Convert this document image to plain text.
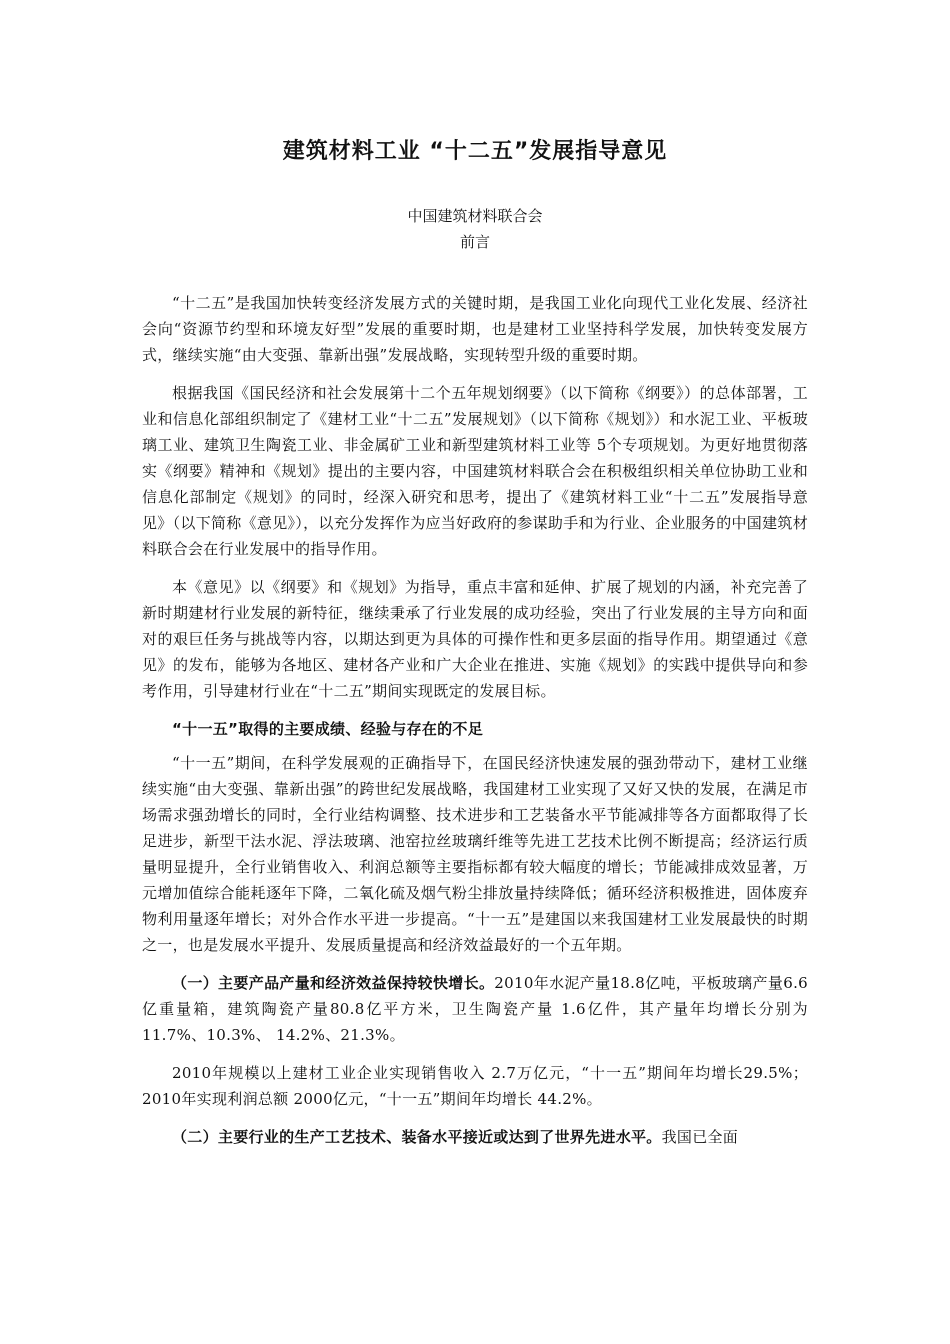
建筑材料工业 “十二五”发展指导意见
中国建筑材料联合会
前言

“十二五”是我国加快转变经济发展方式的关键时期，是我国工业化向现代工业化发展、经济社会向“资源节约型和环境友好型”发展的重要时期，也是建材工业坚持科学发展，加快转变发展方式，继续实施“由大变强、靠新出强”发展战略，实现转型升级的重要时期。

根据我国《国民经济和社会发展第十二个五年规划纲要》（以下简称《纲要》）的总体部署，工业和信息化部组织制定了《建材工业“十二五”发展规划》（以下简称《规划》）和水泥工业、平板玻璃工业、建筑卫生陶瓷工业、非金属矿工业和新型建筑材料工业等 5个专项规划。为更好地贯彻落实《纲要》精神和《规划》提出的主要内容，中国建筑材料联合会在积极组织相关单位协助工业和信息化部制定《规划》的同时，经深入研究和思考，提出了《建筑材料工业“十二五”发展指导意见》（以下简称《意见》），以充分发挥作为应当好政府的参谋助手和为行业、企业服务的中国建筑材料联合会在行业发展中的指导作用。

本《意见》以《纲要》和《规划》为指导，重点丰富和延伸、扩展了规划的内涵，补充完善了新时期建材行业发展的新特征，继续秉承了行业发展的成功经验，突出了行业发展的主导方向和面对的艰巨任务与挑战等内容，以期达到更为具体的可操作性和更多层面的指导作用。期望通过《意见》的发布，能够为各地区、建材各产业和广大企业在推进、实施《规划》的实践中提供导向和参考作用，引导建材行业在“十二五”期间实现既定的发展目标。

“十一五”取得的主要成绩、经验与存在的不足

“十一五”期间，在科学发展观的正确指导下，在国民经济快速发展的强劲带动下，建材工业继续实施“由大变强、靠新出强”的跨世纪发展战略，我国建材工业实现了又好又快的发展，在满足市场需求强劲增长的同时，全行业结构调整、技术进步和工艺装备水平节能减排等各方面都取得了长足进步，新型干法水泥、浮法玻璃、池窑拉丝玻璃纤维等先进工艺技术比例不断提高；经济运行质量明显提升，全行业销售收入、利润总额等主要指标都有较大幅度的增长；节能减排成效显著，万元增加值综合能耗逐年下降，二氧化硫及烟气粉尘排放量持续降低；循环经济积极推进，固体废弃物利用量逐年增长；对外合作水平进一步提高。“十一五”是建国以来我国建材工业发展最快的时期之一，也是发展水平提升、发展质量提高和经济效益最好的一个五年期。

（一）主要产品产量和经济效益保持较快增长。2010年水泥产量18.8亿吨，平板玻璃产量6.6亿重量箱，建筑陶瓷产量80.8亿平方米，卫生陶瓷产量 1.6亿件，其产量年均增长分别为 11.7%、10.3%、 14.2%、21.3%。

2010年规模以上建材工业企业实现销售收入 2.7万亿元，“十一五”期间年均增长29.5%；2010年实现利润总额 2000亿元，“十一五”期间年均增长 44.2%。

（二）主要行业的生产工艺技术、装备水平接近或达到了世界先进水平。我国已全面
